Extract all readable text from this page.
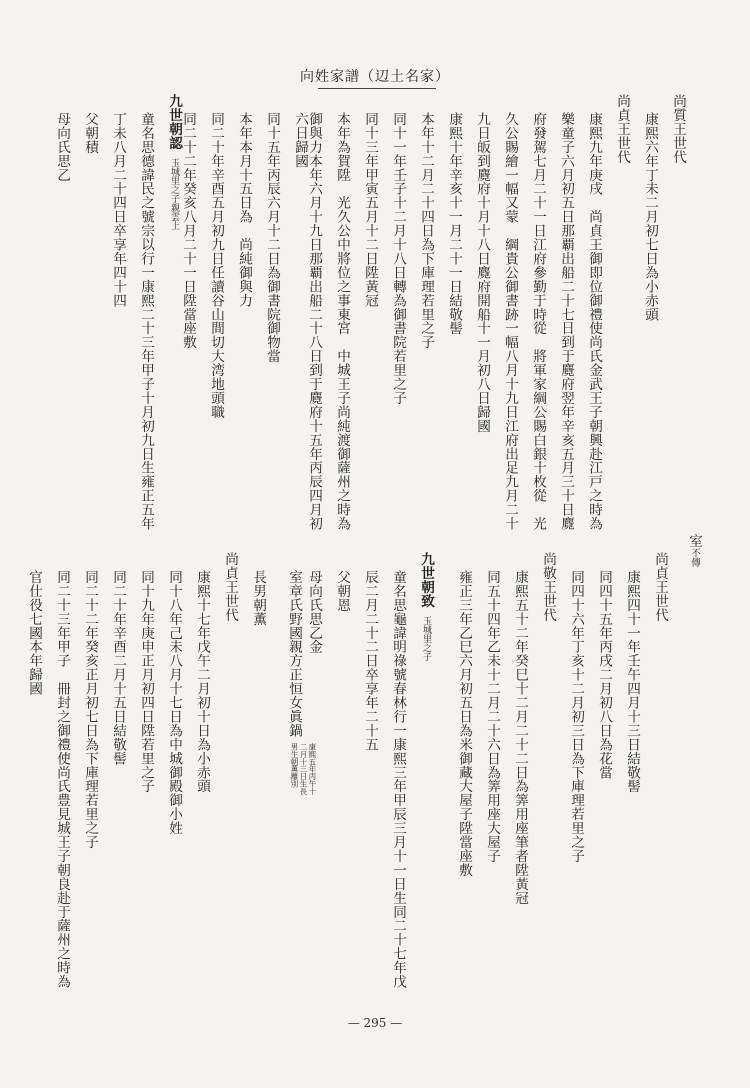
向姓家譜（辺土名家）
尚質王世代
康熙六年丁未二月初七日為小赤頭
尚貞王世代
康熙九年庚戌　尚貞王御即位御禮使尚氏金武王子朝興赴江戸之時為
樂童子六月初五日那覇出船二十七日到于麑府翌年辛亥五月三十日麑
府發駕七月二十一日江府參勤于時從　將軍家綱公賜白銀十枚從　光
久公賜繪一幅又蒙　綱貴公御書跡一幅八月十九日江府出足九月二十
九日皈到麑府十月十八日麑府開船十一月初八日歸國
康熙十年辛亥十一月二十一日結敬髻
本年十二月二十四日為下庫理若里之子
同十一年壬子十二月十八日轉為御書院若里之子
同十三年甲寅五月十二日陞黃冠
本年為賀陞　光久公中將位之事東宮　中城王子尚純渡御薩州之時為
御與力本年六月十九日那覇出船二十八日到于麑府十五年丙辰四月初
六日歸國
同十五年丙辰六月十二日為御書院御物當
本年本月十五日為　尚純御與力
同二十年辛酉五月初九日任讀谷山間切大湾地頭職
同二十二年癸亥八月二十一日陞當座敷
九世朝認玉城里之子親雲上
童名思德諱民之號宗以行一康熙二十三年甲子十月初九日生雍正五年
丁未八月二十四日卒享年四十四
父朝積
母向氏思乙
室不傳
尚貞王世代
康熙四十一年壬午四月十三日結敬髻
同四十五年丙戌二月初八日為花當
同四十六年丁亥十二月初三日為下庫理若里之子
尚敬王世代
康熙五十二年癸巳十二月二十二日為筭用座筆者陞黃冠
同五十四年乙未十二月二十六日為筭用座大屋子
雍正三年乙巳六月初五日為米御藏大屋子陞當座敷
九世朝致玉城里之子
童名思龜諱明祿號春林行一康熙三年甲辰三月十一日生同二十七年戊
辰二月二十二日卒享年二十五
父朝恩
母向氏思乙金
室章氏野國親方正恒女眞鍋康熙五年丙午十二月十三日生長男生朝薫離別
長男朝薫
尚貞王世代
康熙十七年戊午二月初十日為小赤頭
同十八年己未八月十七日為中城御殿御小姓
同十九年庚申正月初四日陞若里之子
同二十年辛酉二月十五日結敬髻
同二十二年癸亥正月初七日為下庫理若里之子
同二十三年甲子　冊封之御禮使尚氏豊見城王子朝良赴于薩州之時為
官仕役七國本年歸國
— 295 —
